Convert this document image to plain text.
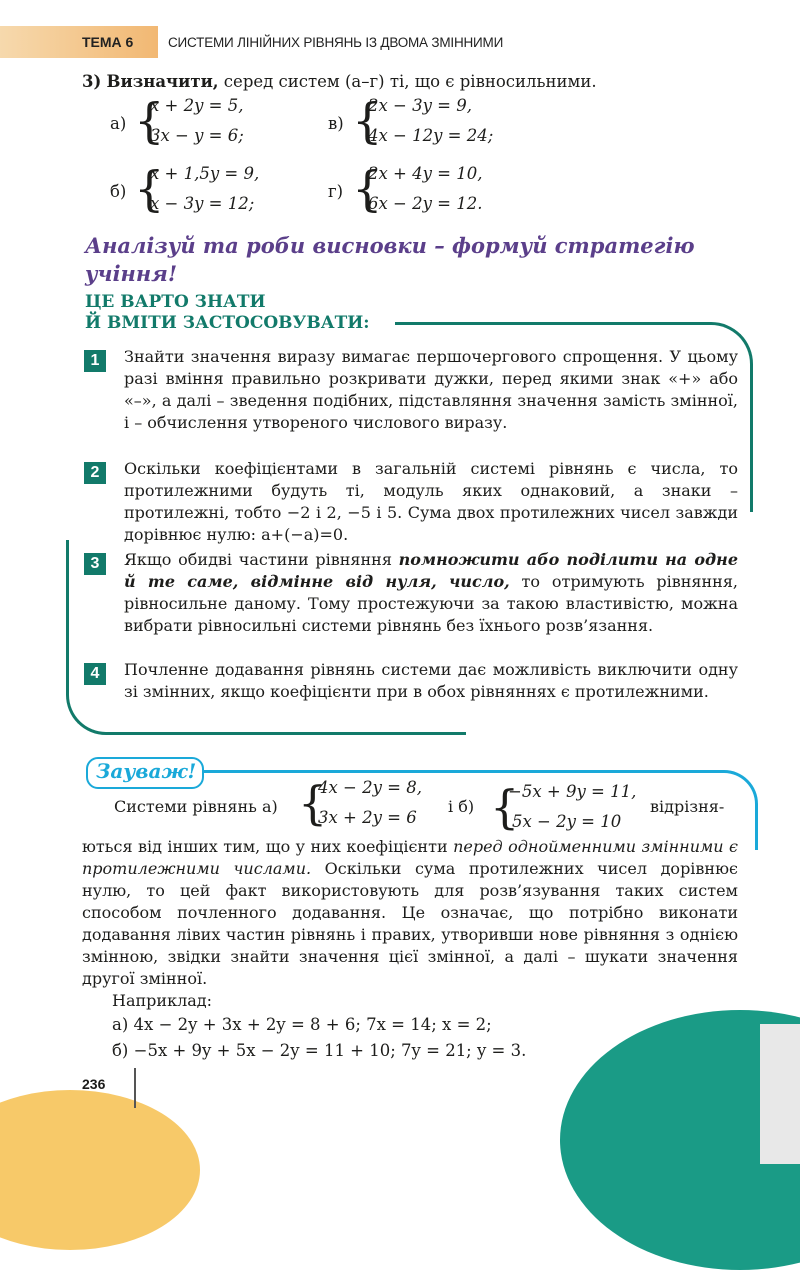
ТЕМА 6	СИСТЕМИ ЛІНІЙНИХ РІВНЯНЬ ІЗ ДВОМА ЗМІННИМИ
3) Визначити, серед систем (а–г) ті, що є рівносильними.
а) {
x + 2y = 5,
3x − y = 6;
в) {
2x − 3y = 9,
4x − 12y = 24;
б) {
x + 1,5y = 9,
x − 3y = 12;
г) {
2x + 4y = 10,
6x − 2y = 12.
Аналізуй та роби висновки – формуй стратегію учіння!
ЦЕ ВАРТО ЗНАТИ
Й ВМІТИ ЗАСТОСОВУВАТИ:
1	Знайти значення виразу вимагає першочергового спрощення. У цьому разі вміння правильно розкривати дужки, перед якими знак «+» або «–», а далі – зведення подібних, підставляння значення замість змінної, і – обчислення утвореного числового виразу.
2	Оскільки коефіцієнтами в загальній системі рівнянь є числа, то протилежними будуть ті, модуль яких однаковий, а знаки – протилежні, тобто −2 і 2, −5 і 5. Сума двох протилежних чисел завжди дорівнює нулю: a+(−a)=0.
3	Якщо обидві частини рівняння помножити або поділити на одне й те саме, відмінне від нуля, число, то отримують рівняння, рівносильне даному. Тому простежуючи за такою властивістю, можна вибрати рівносильні системи рівнянь без їхнього розв’язання.
4	Почленне додавання рівнянь системи дає можливість виключити одну зі змінних, якщо коефіцієнти при в обох рівняннях є протилежними.
Зауваж!
Системи рівнянь а) {
4x − 2y = 8,
3x + 2y = 6
і б) {
−5x + 9y = 11,
5x − 2y = 10
відрізня-
ються від інших тим, що у них коефіцієнти перед однойменними змінними є протилежними числами. Оскільки сума протилежних чисел дорівнює нулю, то цей факт використовують для розв’язування таких систем способом почленного додавання. Це означає, що потрібно виконати додавання лівих частин рівнянь і правих, утворивши нове рівняння з однією змінною, звідки знайти значення цієї змінної, а далі – шукати значення другої змінної.
Наприклад:
а) 4x − 2y + 3x + 2y = 8 + 6; 7x = 14; x = 2;
б) −5x + 9y + 5x − 2y = 11 + 10; 7y = 21; y = 3.
236
